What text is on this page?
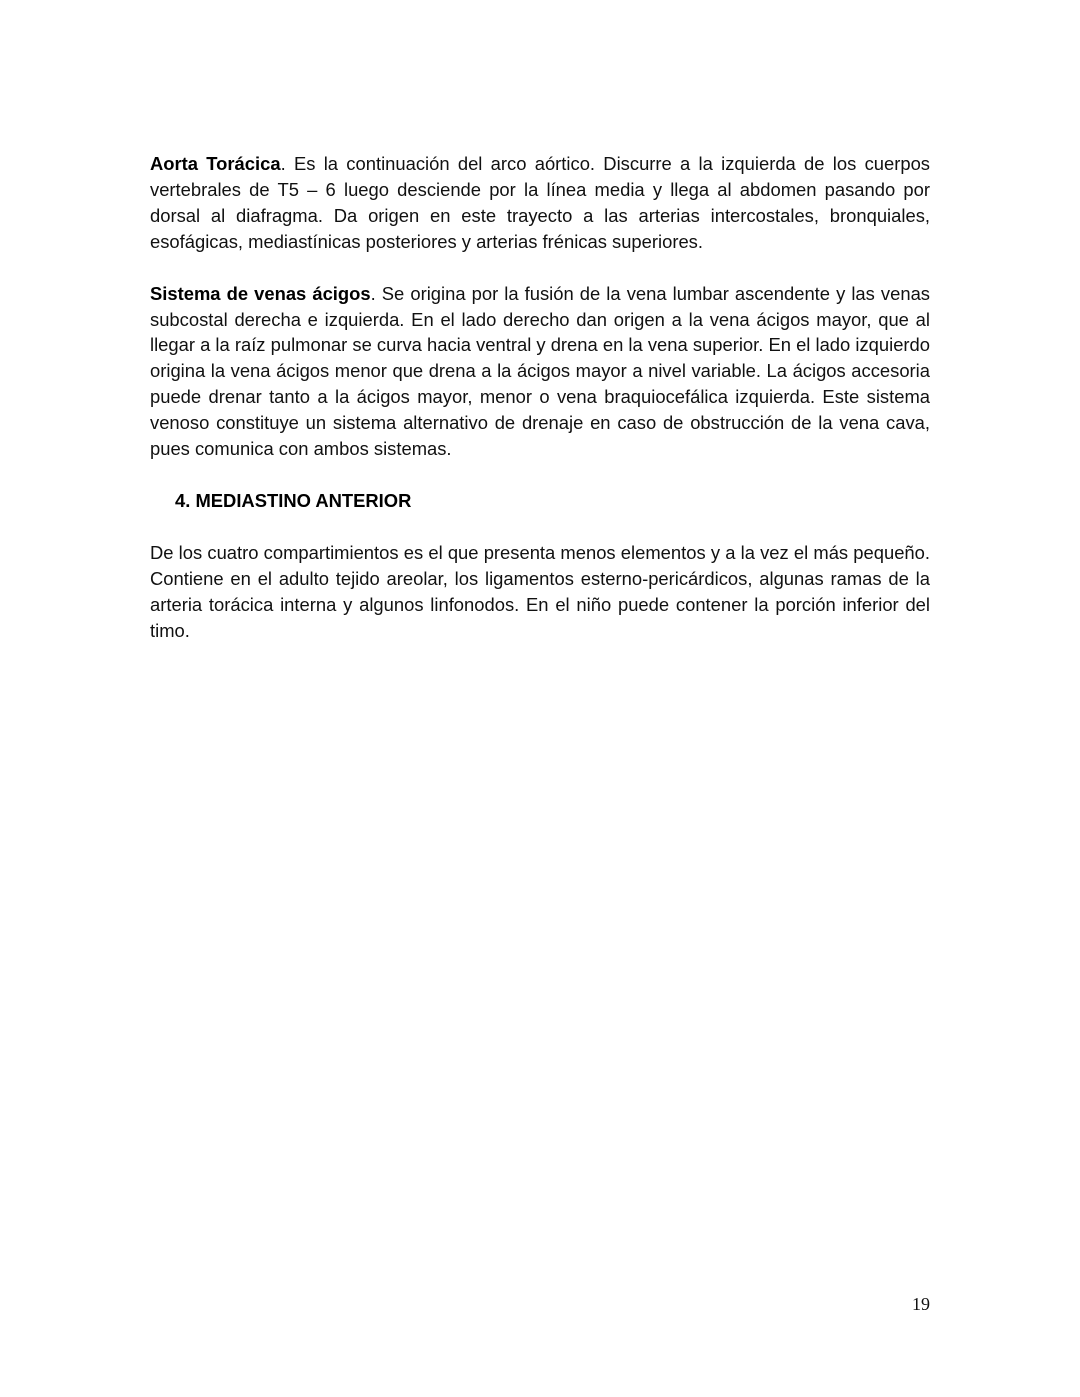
Aorta Torácica. Es la continuación del arco aórtico. Discurre a la izquierda de los cuerpos vertebrales de T5 – 6 luego desciende por la línea media y llega al abdomen pasando por dorsal al diafragma. Da origen en este trayecto a las arterias intercostales, bronquiales, esofágicas, mediastínicas posteriores y arterias frénicas superiores.

Sistema de venas ácigos. Se origina por la fusión de la vena lumbar ascendente y las venas subcostal derecha e izquierda. En el lado derecho dan origen a la vena ácigos mayor, que al llegar a la raíz pulmonar se curva hacia ventral y drena en la vena superior. En el lado izquierdo origina la vena ácigos menor que drena a la ácigos mayor a nivel variable. La ácigos accesoria puede drenar tanto a la ácigos mayor, menor o vena braquiocefálica izquierda. Este sistema venoso constituye un sistema alternativo de drenaje en caso de obstrucción de la vena cava, pues comunica con ambos sistemas.

4. MEDIASTINO ANTERIOR

De los cuatro compartimientos es el que presenta menos elementos y a la vez el más pequeño. Contiene en el adulto tejido areolar, los ligamentos esterno-pericárdicos, algunas ramas de la arteria torácica interna y algunos linfonodos. En el niño puede contener la porción inferior del timo.

19
